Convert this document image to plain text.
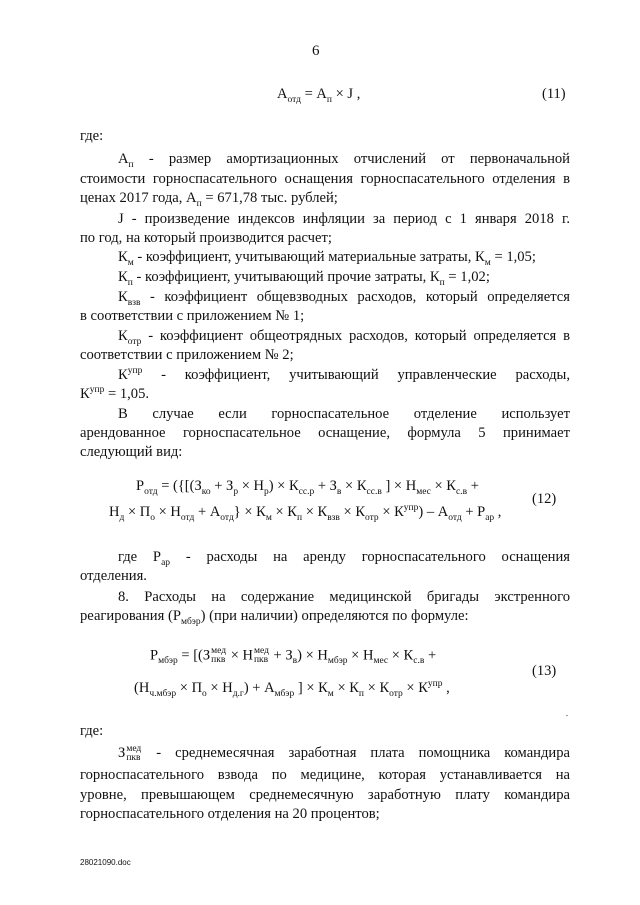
6
$А_{отд} = А_п \times J$ ,	(11)
где:
$А_п$ - размер амортизационных отчислений от первоначальной
стоимости горноспасательного оснащения горноспасательного отделения в
ценах 2017 года, $А_п = 671,78$ тыс. рублей;
J - произведение индексов инфляции за период с 1 января 2018 г.
по год, на который производится расчет;
$К_м$ - коэффициент, учитывающий материальные затраты, $К_м = 1,05$;
$К_п$ - коэффициент, учитывающий прочие затраты, $К_п = 1,02$;
$К_{взв}$ - коэффициент общевзводных расходов, который определяется
в соответствии с приложением № 1;
$К_{отр}$ - коэффициент общеотрядных расходов, который определяется в
соответствии с приложением № 2;
$К^{упр}$ - коэффициент, учитывающий управленческие расходы,
$К^{упр} = 1,05$.
В случае если горноспасательное отделение использует
арендованное горноспасательное оснащение, формула 5 принимает
следующий вид:
$Р_{отд} = (\{[(З_{ко} + З_р \times Н_р) \times К_{сс.р} + З_в \times К_{сс.в}$ ] × $Н_{мес} \times К_{с.в}$ +
$Н_д \times П_о \times Н_{отд} + А_{отд}\} \times К_м \times К_п \times К_{взв} \times К_{отр} \times К^{упр}) - А_{отд} + Р_{ар}$ ,
(12)
где $Р_{ар}$ - расходы на аренду горноспасательного оснащения
отделения.
8. Расходы на содержание медицинской бригады экстренного
реагирования $(Р_{мбэр})$ (при наличии) определяются по формуле:
$Р_{мбэр} = [(З$ мед
пкв × Н мед
пкв + $З_в) \times Н_{мбэр} \times Н_{мес} \times К_{с.в}$ +
$(Н_{ч.мбэр} \times П_о \times Н_{д.г}) + А_{мбэр}$ ] × $К_м \times К_п \times К_{отр} \times К^{упр}$ ,
(13)
где:
З мед
пкв - среднемесячная заработная плата помощника командира
горноспасательного взвода по медицине, которая устанавливается на
уровне, превышающем среднемесячную заработную плату командира
горноспасательного отделения на 20 процентов;
28021090.doc
